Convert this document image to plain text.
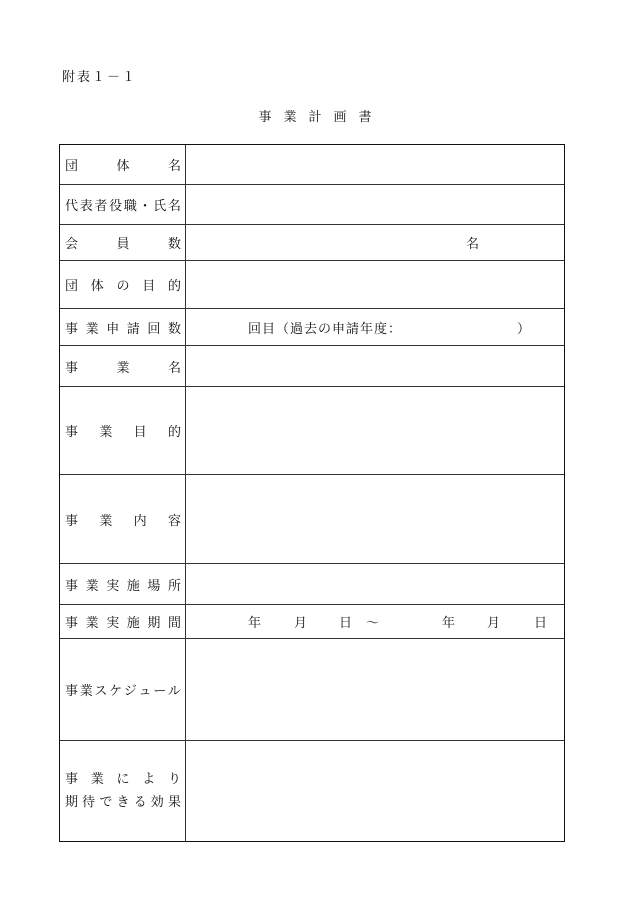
附表１－１
事業計画書
団	体	名
代 表 者 役 職 ・ 氏 名
会	員	数	名
団 体 の 目 的
事 業 申 請 回 数	回目（過去の申請年度：	）
事	業	名
事 業 目 的
事 業 内 容
事 業 実 施 場 所
事 業 実 施 期 間	年	月 日 ～	年 月	日
事 業 ス ケ ジ ュ ー ル
事 業 に よ り
期 待 で き る 効 果
